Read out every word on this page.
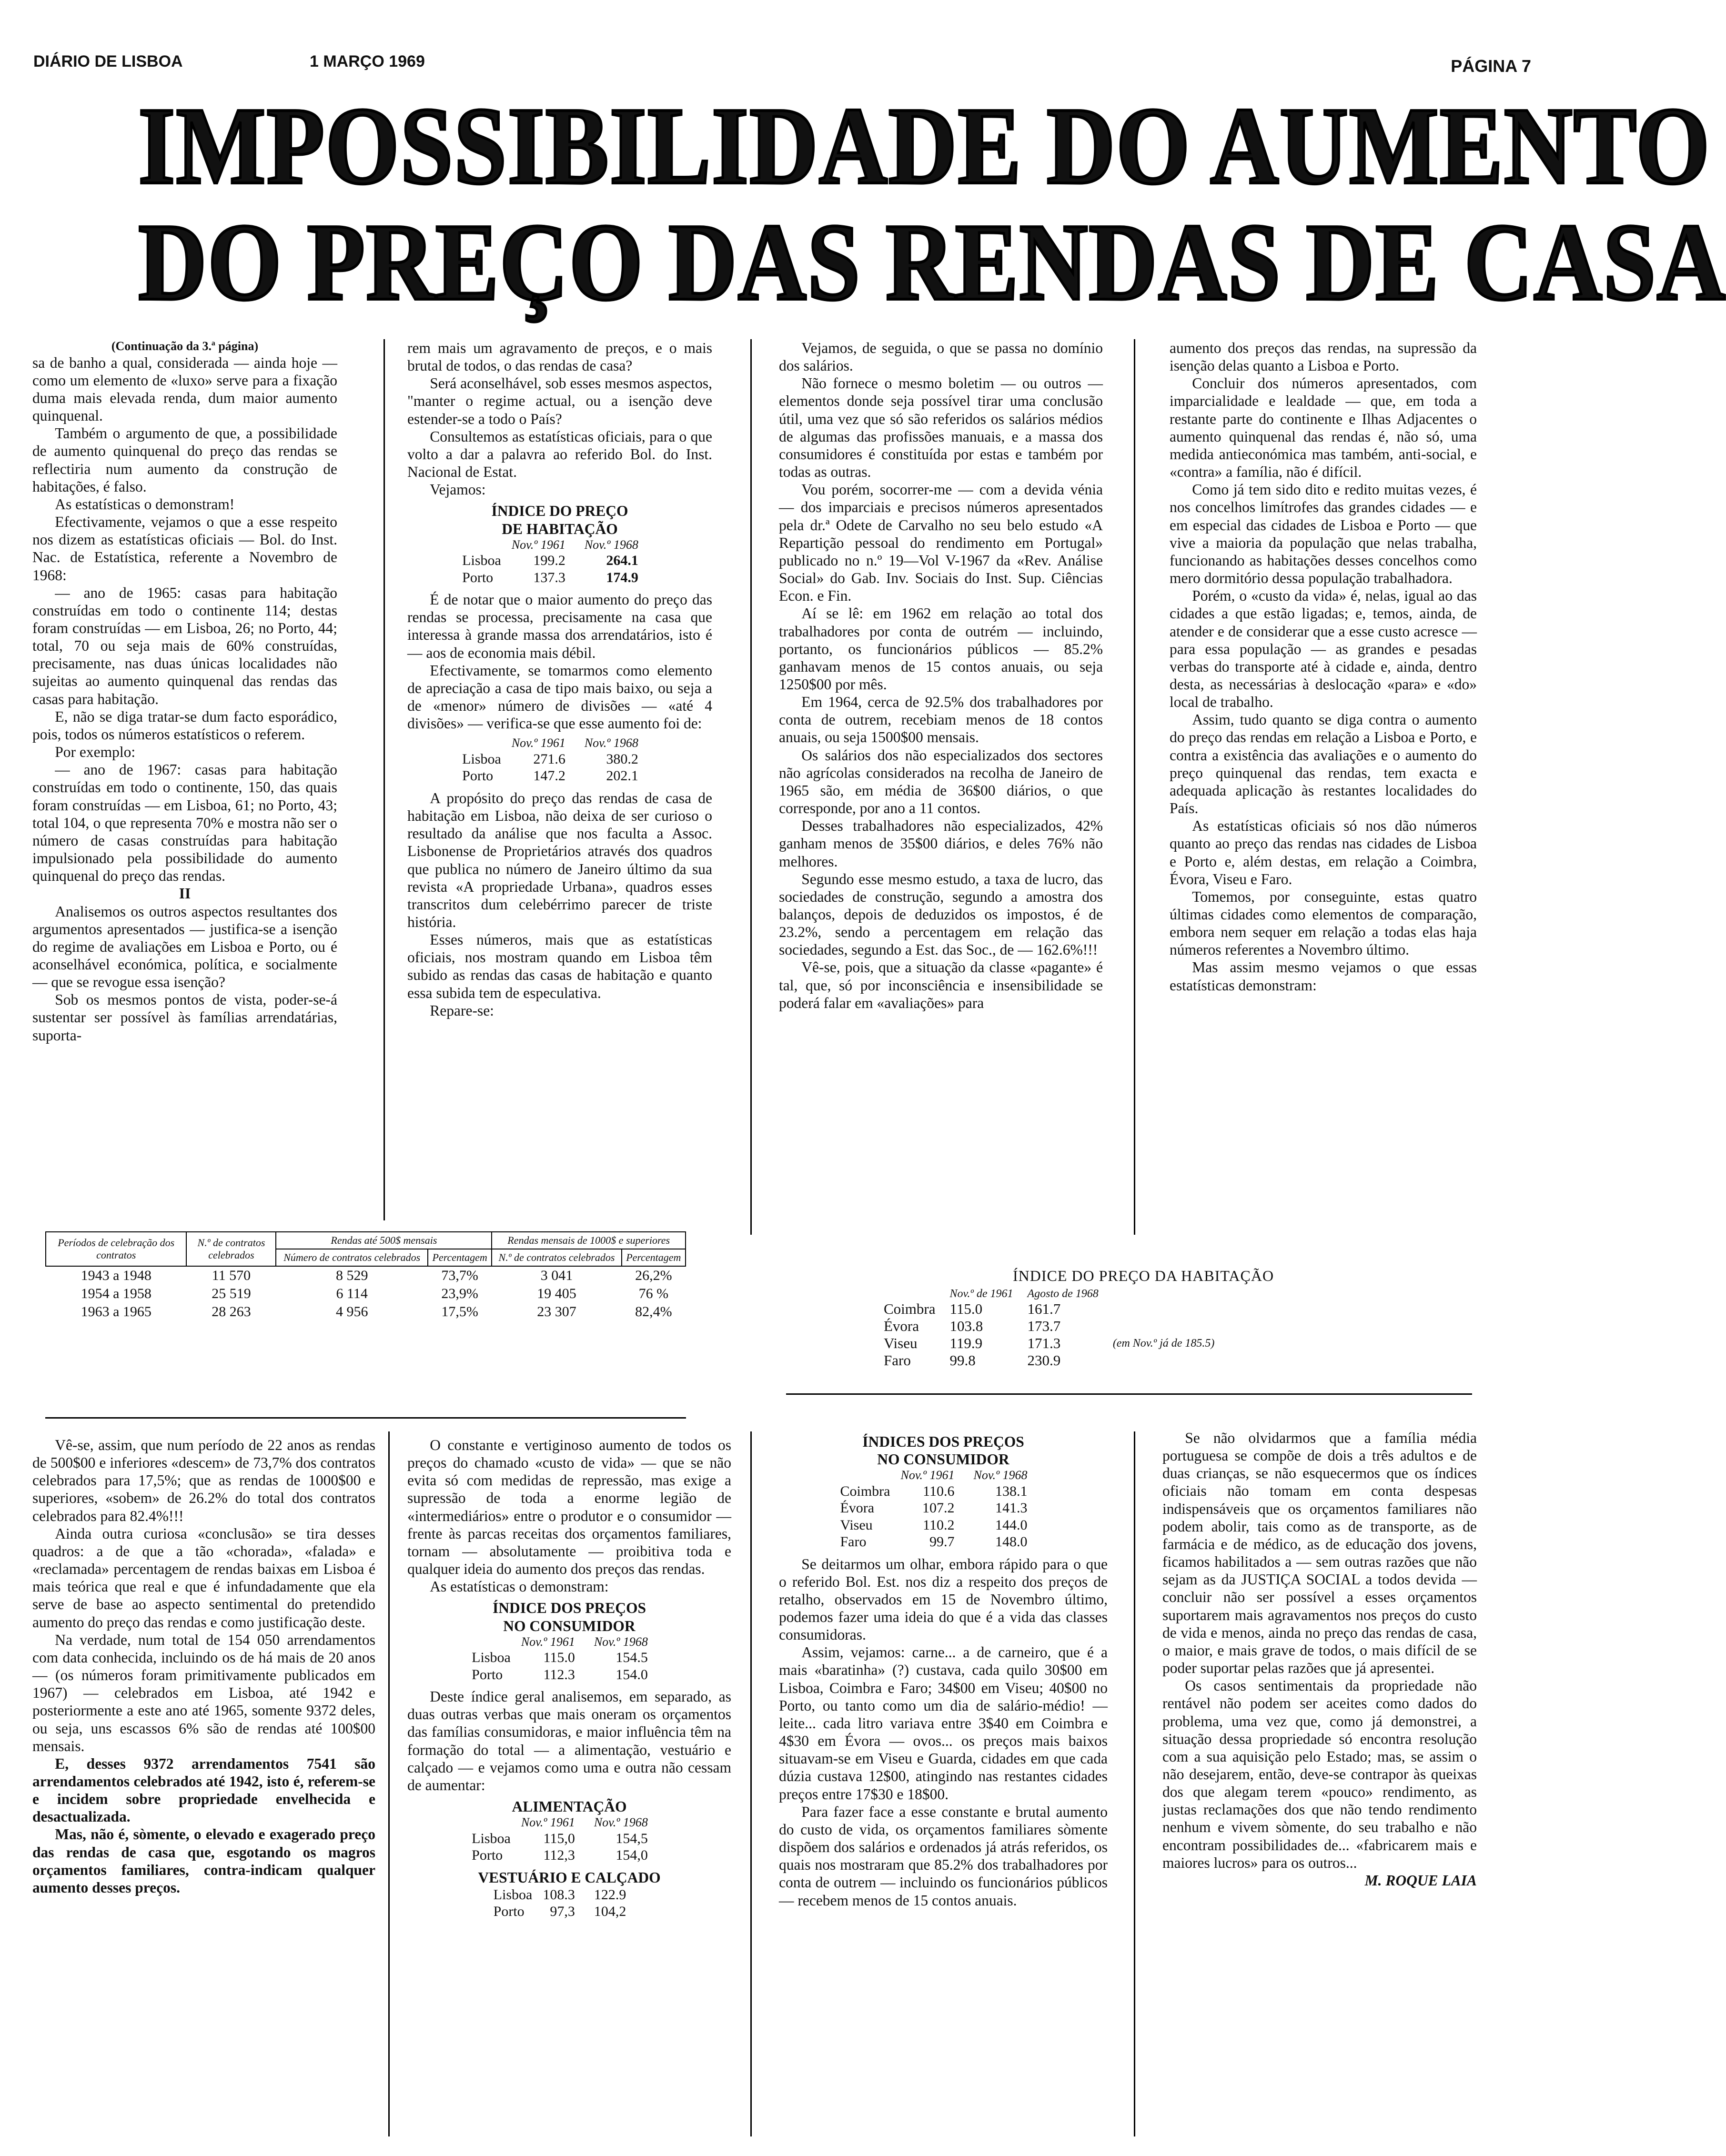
DIÁRIO DE LISBOA	1 MARÇO 1969	PÁGINA 7
IMPOSSIBILIDADE DO AUMENTO
DO PREÇO DAS RENDAS DE CASA

(Continuação da 3.ª página)

sa de banho a qual, considerada — ainda hoje — como um elemento de «luxo» serve para a fixação duma mais elevada renda, dum maior aumento quinquenal.

Também o argumento de que, a possibilidade de aumento quinquenal do preço das rendas se reflectiria num aumento da construção de habitações, é falso.

As estatísticas o demonstram!

Efectivamente, vejamos o que a esse respeito nos dizem as estatísticas oficiais — Bol. do Inst. Nac. de Estatística, referente a Novembro de 1968:

— ano de 1965: casas para habitação construídas em todo o continente 114; destas foram construídas — em Lisboa, 26; no Porto, 44; total, 70 ou seja mais de 60% construídas, precisamente, nas duas únicas localidades não sujeitas ao aumento quinquenal das rendas das casas para habitação.

E, não se diga tratar-se dum facto esporádico, pois, todos os números estatísticos o referem.

Por exemplo:

— ano de 1967: casas para habitação construídas em todo o continente, 150, das quais foram construídas — em Lisboa, 61; no Porto, 43; total 104, o que representa 70% e mostra não ser o número de casas construídas para habitação impulsionado pela possibilidade do aumento quinquenal do preço das rendas.

II

Analisemos os outros aspectos resultantes dos argumentos apresentados — justifica-se a isenção do regime de avaliações em Lisboa e Porto, ou é aconselhável económica, política, e socialmente — que se revogue essa isenção?

Sob os mesmos pontos de vista, poder-se-á sustentar ser possível às famílias arrendatárias, suporta-

rem mais um agravamento de preços, e o mais brutal de todos, o das rendas de casa?

Será aconselhável, sob esses mesmos aspectos, "manter o regime actual, ou a isenção deve estender-se a todo o País?

Consultemos as estatísticas oficiais, para o que volto a dar a palavra ao referido Bol. do Inst. Nacional de Estat.

Vejamos:

ÍNDICE DO PREÇO

DE HABITAÇÃO

	Nov.º 1961	Nov.º 1968
Lisboa	199.2	264.1
Porto	137.3	174.9

É de notar que o maior aumento do preço das rendas se processa, precisamente na casa que interessa à grande massa dos arrendatários, isto é — aos de economia mais débil.

Efectivamente, se tomarmos como elemento de apreciação a casa de tipo mais baixo, ou seja a de «menor» número de divisões — «até 4 divisões» — verifica-se que esse aumento foi de:

	Nov.º 1961	Nov.º 1968
Lisboa	271.6	380.2
Porto	147.2	202.1

A propósito do preço das rendas de casa de habitação em Lisboa, não deixa de ser curioso o resultado da análise que nos faculta a Assoc. Lisbonense de Proprietários através dos quadros que publica no número de Janeiro último da sua revista «A propriedade Urbana», quadros esses transcritos dum celebérrimo parecer de triste história.

Esses números, mais que as estatísticas oficiais, nos mostram quando em Lisboa têm subido as rendas das casas de habitação e quanto essa subida tem de especulativa.

Repare-se:

Vejamos, de seguida, o que se passa no domínio dos salários.

Não fornece o mesmo boletim — ou outros — elementos donde seja possível tirar uma conclusão útil, uma vez que só são referidos os salários médios de algumas das profissões manuais, e a massa dos consumidores é constituída por estas e também por todas as outras.

Vou porém, socorrer-me — com a devida vénia — dos imparciais e precisos números apresentados pela dr.ª Odete de Carvalho no seu belo estudo «A Repartição pessoal do rendimento em Portugal» publicado no n.º 19—Vol V-1967 da «Rev. Análise Social» do Gab. Inv. Sociais do Inst. Sup. Ciências Econ. e Fin.

Aí se lê: em 1962 em relação ao total dos trabalhadores por conta de outrém — incluindo, portanto, os funcionários públicos — 85.2% ganhavam menos de 15 contos anuais, ou seja 1250$00 por mês.

Em 1964, cerca de 92.5% dos trabalhadores por conta de outrem, recebiam menos de 18 contos anuais, ou seja 1500$00 mensais.

Os salários dos não especializados dos sectores não agrícolas considerados na recolha de Janeiro de 1965 são, em média de 36$00 diários, o que corresponde, por ano a 11 contos.

Desses trabalhadores não especializados, 42% ganham menos de 35$00 diários, e deles 76% não melhores.

Segundo esse mesmo estudo, a taxa de lucro, das sociedades de construção, segundo a amostra dos balanços, depois de deduzidos os impostos, é de 23.2%, sendo a percentagem em relação das sociedades, segundo a Est. das Soc., de — 162.6%!!!

Vê-se, pois, que a situação da classe «pagante» é tal, que, só por inconsciência e insensibilidade se poderá falar em «avaliações» para

aumento dos preços das rendas, na supressão da isenção delas quanto a Lisboa e Porto.

Concluir dos números apresentados, com imparcialidade e lealdade — que, em toda a restante parte do continente e Ilhas Adjacentes o aumento quinquenal das rendas é, não só, uma medida antieconómica mas também, anti-social, e «contra» a família, não é difícil.

Como já tem sido dito e redito muitas vezes, é nos concelhos limítrofes das grandes cidades — e em especial das cidades de Lisboa e Porto — que vive a maioria da população que nelas trabalha, funcionando as habitações desses concelhos como mero dormitório dessa população trabalhadora.

Porém, o «custo da vida» é, nelas, igual ao das cidades a que estão ligadas; e, temos, ainda, de atender e de considerar que a esse custo acresce — para essa população — as grandes e pesadas verbas do transporte até à cidade e, ainda, dentro desta, as necessárias à deslocação «para» e «do» local de trabalho.

Assim, tudo quanto se diga contra o aumento do preço das rendas em relação a Lisboa e Porto, e contra a existência das avaliações e o aumento do preço quinquenal das rendas, tem exacta e adequada aplicação às restantes localidades do País.

As estatísticas oficiais só nos dão números quanto ao preço das rendas nas cidades de Lisboa e Porto e, além destas, em relação a Coimbra, Évora, Viseu e Faro.

Tomemos, por conseguinte, estas quatro últimas cidades como elementos de comparação, embora nem sequer em relação a todas elas haja números referentes a Novembro último.

Mas assim mesmo vejamos o que essas estatísticas demonstram:

Períodos de celebração dos contratos	N.º de contratos celebrados	Rendas até 500$ mensais		Rendas mensais de 1000$ e superiores	
		Número de contratos celebrados	Percentagem	N.º de contratos celebrados	Percentagem
1943 a 1948	11 570	8 529	73,7%	3 041	26,2%
1954 a 1958	25 519	6 114	23,9%	19 405	76 %
1963 a 1965	28 263	4 956	17,5%	23 307	82,4%
ÍNDICE DO PREÇO DA HABITAÇÃO
	Nov.º de 1961	Agosto de 1968	
Coimbra	115.0	161.7	
Évora	103.8	173.7	
Viseu	119.9	171.3	(em Nov.º já de 185.5)
Faro	99.8	230.9	

Vê-se, assim, que num período de 22 anos as rendas de 500$00 e inferiores «descem» de 73,7% dos contratos celebrados para 17,5%; que as rendas de 1000$00 e superiores, «sobem» de 26.2% do total dos contratos celebrados para 82.4%!!!

Ainda outra curiosa «conclusão» se tira desses quadros: a de que a tão «chorada», «falada» e «reclamada» percentagem de rendas baixas em Lisboa é mais teórica que real e que é infundadamente que ela serve de base ao aspecto sentimental do pretendido aumento do preço das rendas e como justificação deste.

Na verdade, num total de 154 050 arrendamentos com data conhecida, incluindo os de há mais de 20 anos — (os números foram primitivamente publicados em 1967) — celebrados em Lisboa, até 1942 e posteriormente a este ano até 1965, somente 9372 deles, ou seja, uns escassos 6% são de rendas até 100$00 mensais.

E, desses 9372 arrendamentos 7541 são arrendamentos celebrados até 1942, isto é, referem-se e incidem sobre propriedade envelhecida e desactualizada.

Mas, não é, sòmente, o elevado e exagerado preço das rendas de casa que, esgotando os magros orçamentos familiares, contra-indicam qualquer aumento desses preços.

O constante e vertiginoso aumento de todos os preços do chamado «custo de vida» — que se não evita só com medidas de repressão, mas exige a supressão de toda a enorme legião de «intermediários» entre o produtor e o consumidor — frente às parcas receitas dos orçamentos familiares, tornam — absolutamente — proibitiva toda e qualquer ideia do aumento dos preços das rendas.

As estatísticas o demonstram:

ÍNDICE DOS PREÇOS

NO CONSUMIDOR

	Nov.º 1961	Nov.º 1968
Lisboa	115.0	154.5
Porto	112.3	154.0

Deste índice geral analisemos, em separado, as duas outras verbas que mais oneram os orçamentos das famílias consumidoras, e maior influência têm na formação do total — a alimentação, vestuário e calçado — e vejamos como uma e outra não cessam de aumentar:

ALIMENTAÇÃO

	Nov.º 1961	Nov.º 1968
Lisboa	115,0	154,5
Porto	112,3	154,0

VESTUÁRIO E CALÇADO

Lisboa	108.3	122.9
Porto	97,3	104,2

ÍNDICES DOS PREÇOS

NO CONSUMIDOR

	Nov.º 1961	Nov.º 1968
Coimbra	110.6	138.1
Évora	107.2	141.3
Viseu	110.2	144.0
Faro	99.7	148.0

Se deitarmos um olhar, embora rápido para o que o referido Bol. Est. nos diz a respeito dos preços de retalho, observados em 15 de Novembro último, podemos fazer uma ideia do que é a vida das classes consumidoras.

Assim, vejamos: carne... a de carneiro, que é a mais «baratinha» (?) custava, cada quilo 30$00 em Lisboa, Coimbra e Faro; 34$00 em Viseu; 40$00 no Porto, ou tanto como um dia de salário-médio! — leite... cada litro variava entre 3$40 em Coimbra e 4$30 em Évora — ovos... os preços mais baixos situavam-se em Viseu e Guarda, cidades em que cada dúzia custava 12$00, atingindo nas restantes cidades preços entre 17$30 e 18$00.

Para fazer face a esse constante e brutal aumento do custo de vida, os orçamentos familiares sòmente dispõem dos salários e ordenados já atrás referidos, os quais nos mostraram que 85.2% dos trabalhadores por conta de outrem — incluindo os funcionários públicos — recebem menos de 15 contos anuais.

Se não olvidarmos que a família média portuguesa se compõe de dois a três adultos e de duas crianças, se não esquecermos que os índices oficiais não tomam em conta despesas indispensáveis que os orçamentos familiares não podem abolir, tais como as de transporte, as de farmácia e de médico, as de educação dos jovens, ficamos habilitados a — sem outras razões que não sejam as da JUSTIÇA SOCIAL a todos devida — concluir não ser possível a esses orçamentos suportarem mais agravamentos nos preços do custo de vida e menos, ainda no preço das rendas de casa, o maior, e mais grave de todos, o mais difícil de se poder suportar pelas razões que já apresentei.

Os casos sentimentais da propriedade não rentável não podem ser aceites como dados do problema, uma vez que, como já demonstrei, a situação dessa propriedade só encontra resolução com a sua aquisição pelo Estado; mas, se assim o não desejarem, então, deve-se contrapor às queixas dos que alegam terem «pouco» rendimento, as justas reclamações dos que não tendo rendimento nenhum e vivem sòmente, do seu trabalho e não encontram possibilidades de... «fabricarem mais e maiores lucros» para os outros...

M. ROQUE LAIA
